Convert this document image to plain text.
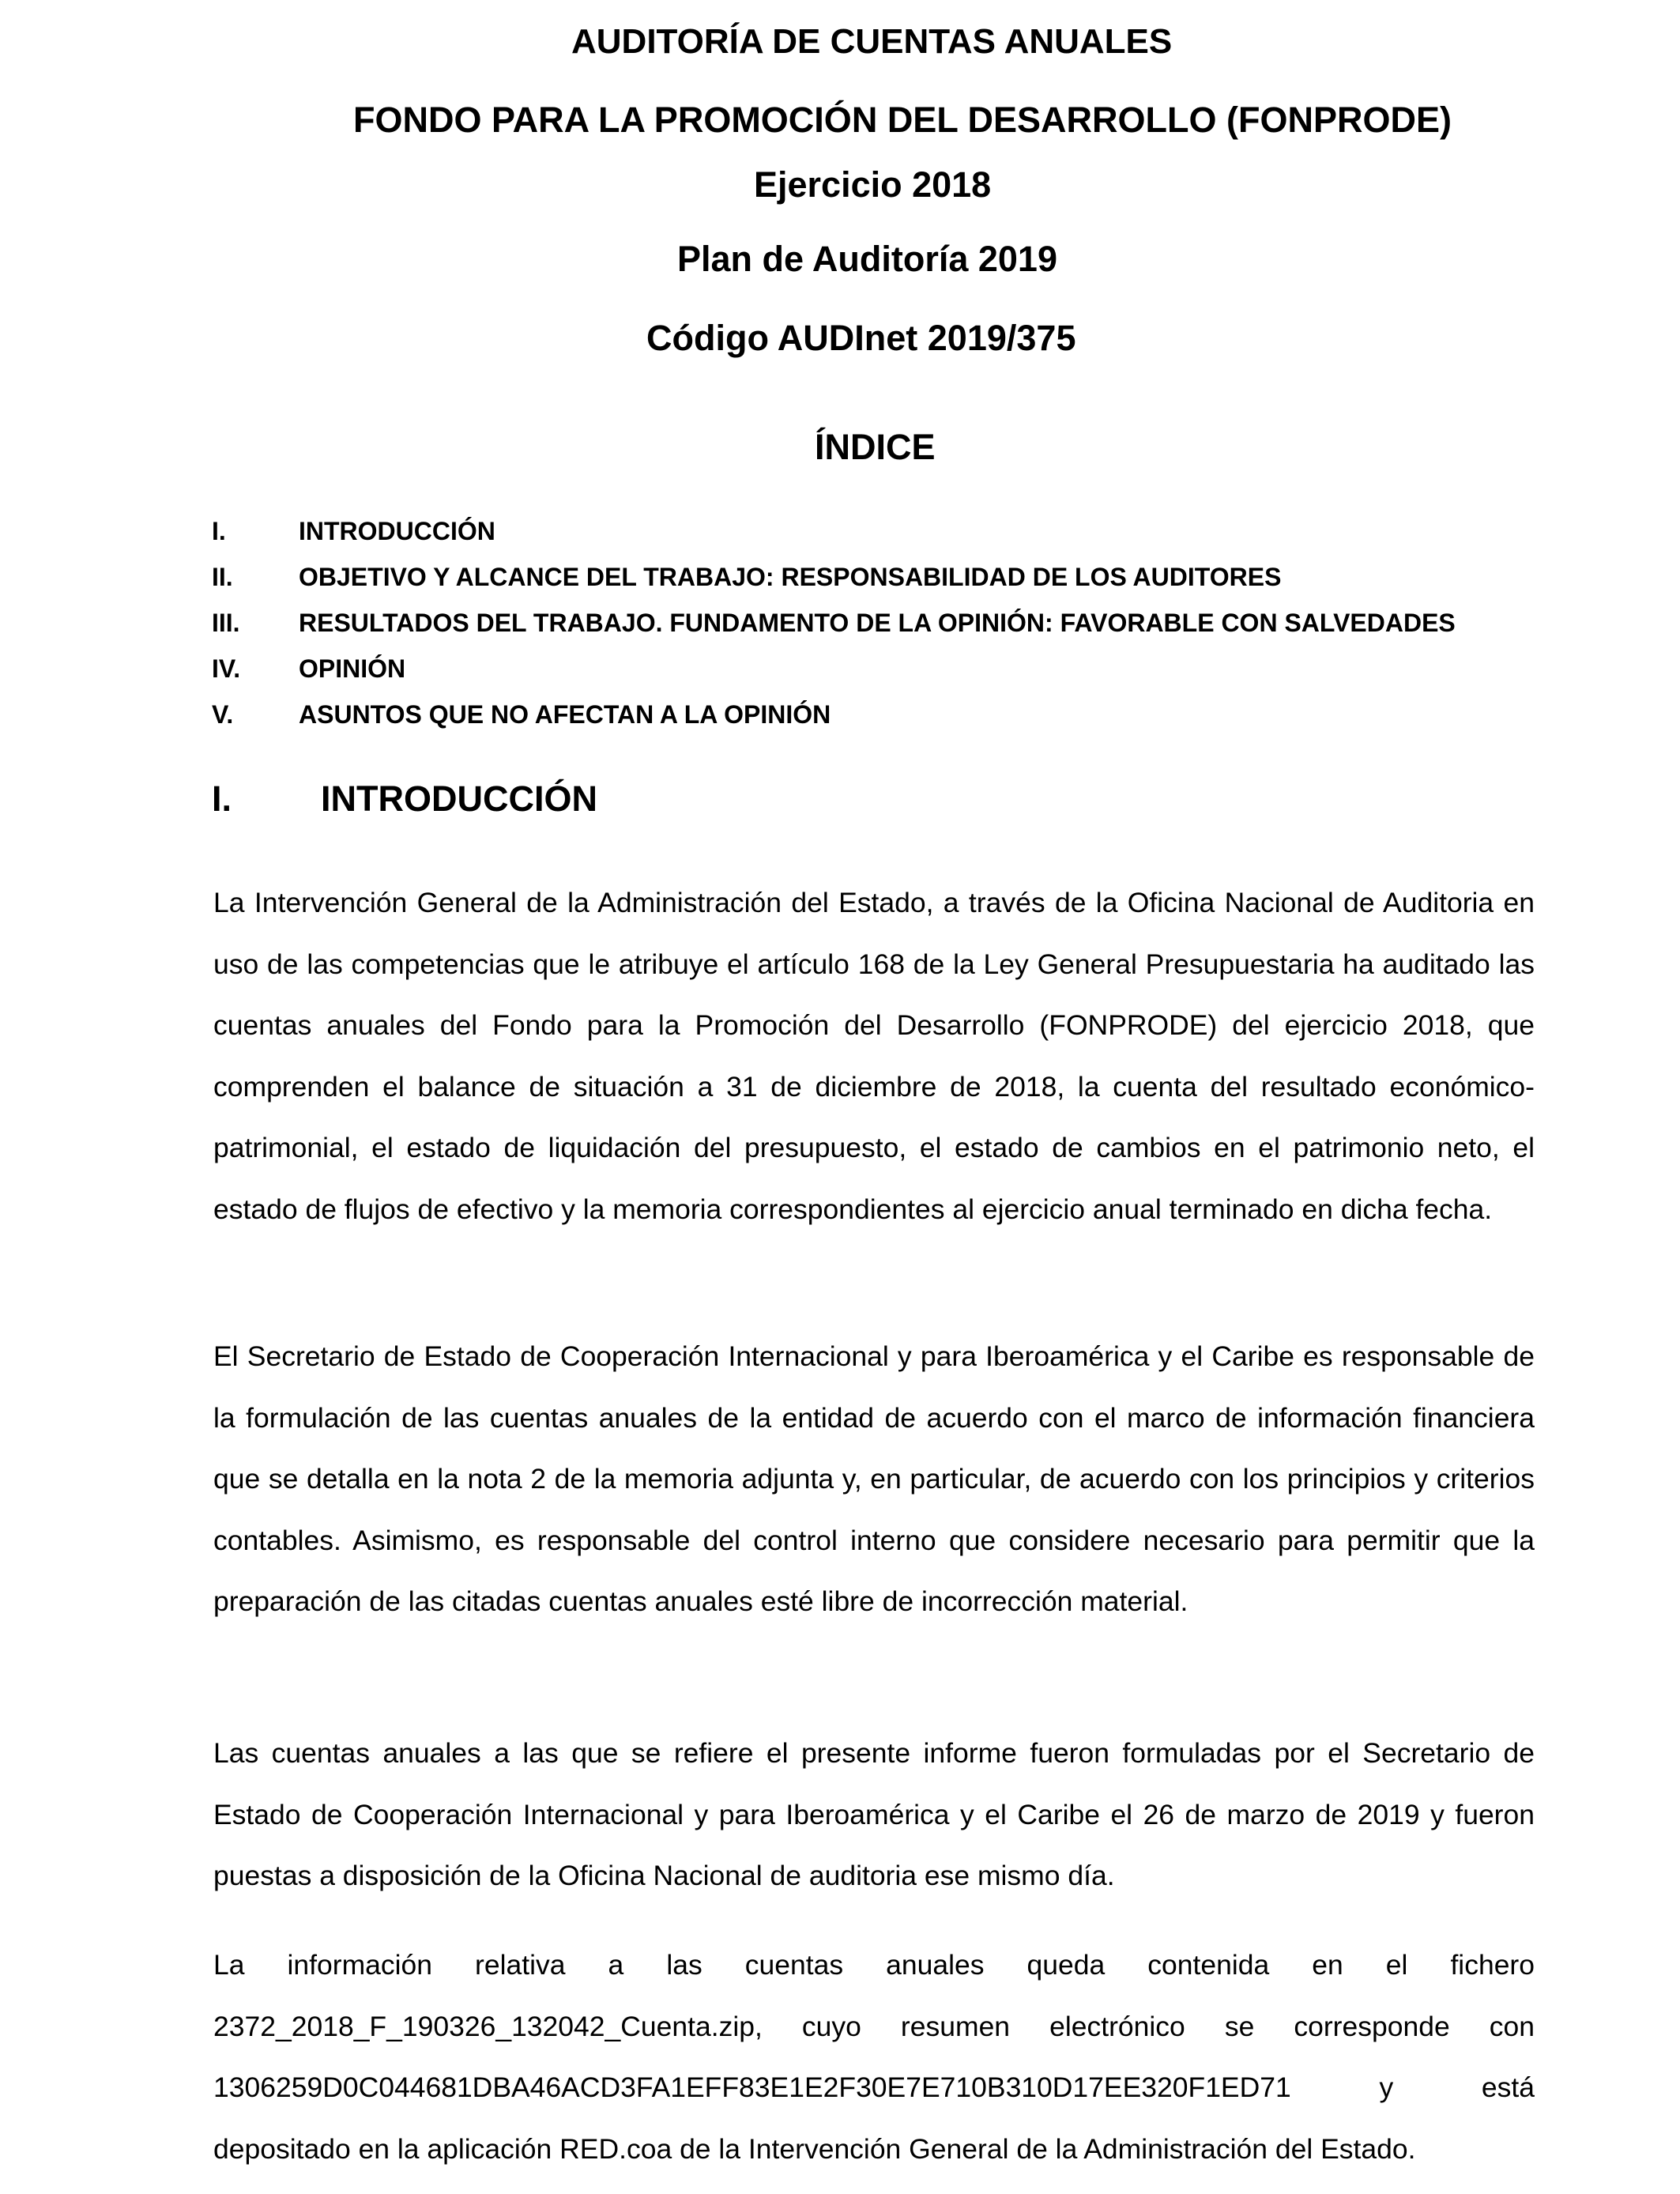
AUDITORÍA DE CUENTAS ANUALES
FONDO PARA LA PROMOCIÓN DEL DESARROLLO (FONPRODE)
Ejercicio 2018
Plan de Auditoría 2019
Código AUDInet 2019/375
ÍNDICE
I.	INTRODUCCIÓN
II.	OBJETIVO Y ALCANCE DEL TRABAJO: RESPONSABILIDAD DE LOS AUDITORES
III. RESULTADOS DEL TRABAJO. FUNDAMENTO DE LA OPINIÓN: FAVORABLE CON SALVEDADES
IV. OPINIÓN
V.	ASUNTOS QUE NO AFECTAN A LA OPINIÓN
I.	INTRODUCCIÓN

La Intervención General de la Administración del Estado, a través de la Oficina Nacional de Auditoria en uso de las competencias que le atribuye el artículo 168 de la Ley General Presupuestaria ha auditado las cuentas anuales del Fondo para la Promoción del Desarrollo (FONPRODE) del ejercicio 2018, que comprenden el balance de situación a 31 de diciembre de 2018, la cuenta del resultado económico-patrimonial, el estado de liquidación del presupuesto, el estado de cambios en el patrimonio neto, el estado de flujos de efectivo y la memoria correspondientes al ejercicio anual terminado en dicha fecha.

El Secretario de Estado de Cooperación Internacional y para Iberoamérica y el Caribe es responsable de la formulación de las cuentas anuales de la entidad de acuerdo con el marco de información financiera que se detalla en la nota 2 de la memoria adjunta y, en particular, de acuerdo con los principios y criterios contables. Asimismo, es responsable del control interno que considere necesario para permitir que la preparación de las citadas cuentas anuales esté libre de incorrección material.

Las cuentas anuales a las que se refiere el presente informe fueron formuladas por el Secretario de Estado de Cooperación Internacional y para Iberoamérica y el Caribe el 26 de marzo de 2019 y fueron puestas a disposición de la Oficina Nacional de auditoria ese mismo día.

La información relativa a las cuentas anuales queda contenida en el fichero
2372_2018_F_190326_132042_Cuenta.zip, cuyo resumen electrónico se corresponde con
1306259D0C044681DBA46ACD3FA1EFF83E1E2F30E7E710B310D17EE320F1ED71	y	está
depositado en la aplicación RED.coa de la Intervención General de la Administración del Estado.
